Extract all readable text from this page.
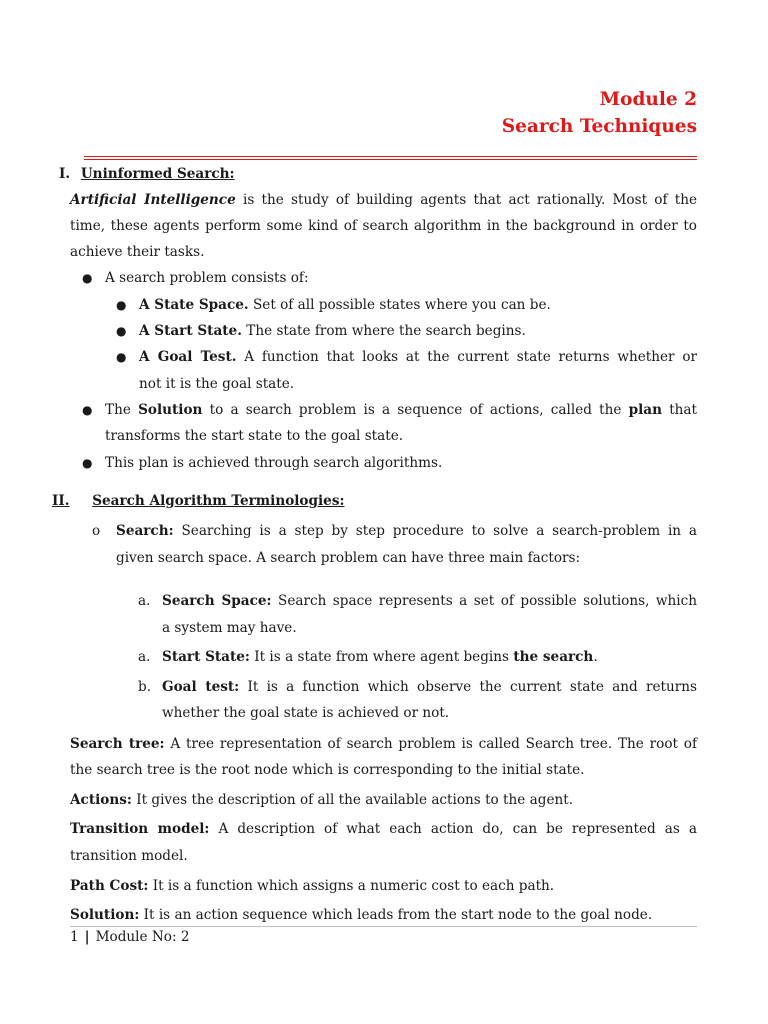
Module 2
Search Techniques
I. Uninformed Search:
Artificial Intelligence is the study of building agents that act rationally. Most of the
time, these agents perform some kind of search algorithm in the background in order to
achieve their tasks.
● A search problem consists of:
● A State Space. Set of all possible states where you can be.
● A Start State. The state from where the search begins.
● A Goal Test. A function that looks at the current state returns whether or
not it is the goal state.
● The Solution to a search problem is a sequence of actions, called the plan that
transforms the start state to the goal state.
● This plan is achieved through search algorithms.
II. Search Algorithm Terminologies:
o Search: Searching is a step by step procedure to solve a search-problem in a
given search space. A search problem can have three main factors:
a. Search Space: Search space represents a set of possible solutions, which
a system may have.
a. Start State: It is a state from where agent begins the search.
b. Goal test: It is a function which observe the current state and returns
whether the goal state is achieved or not.
Search tree: A tree representation of search problem is called Search tree. The root of
the search tree is the root node which is corresponding to the initial state.
Actions: It gives the description of all the available actions to the agent.
Transition model: A description of what each action do, can be represented as a
transition model.
Path Cost: It is a function which assigns a numeric cost to each path.
Solution: It is an action sequence which leads from the start node to the goal node.
1 | Module No: 2
